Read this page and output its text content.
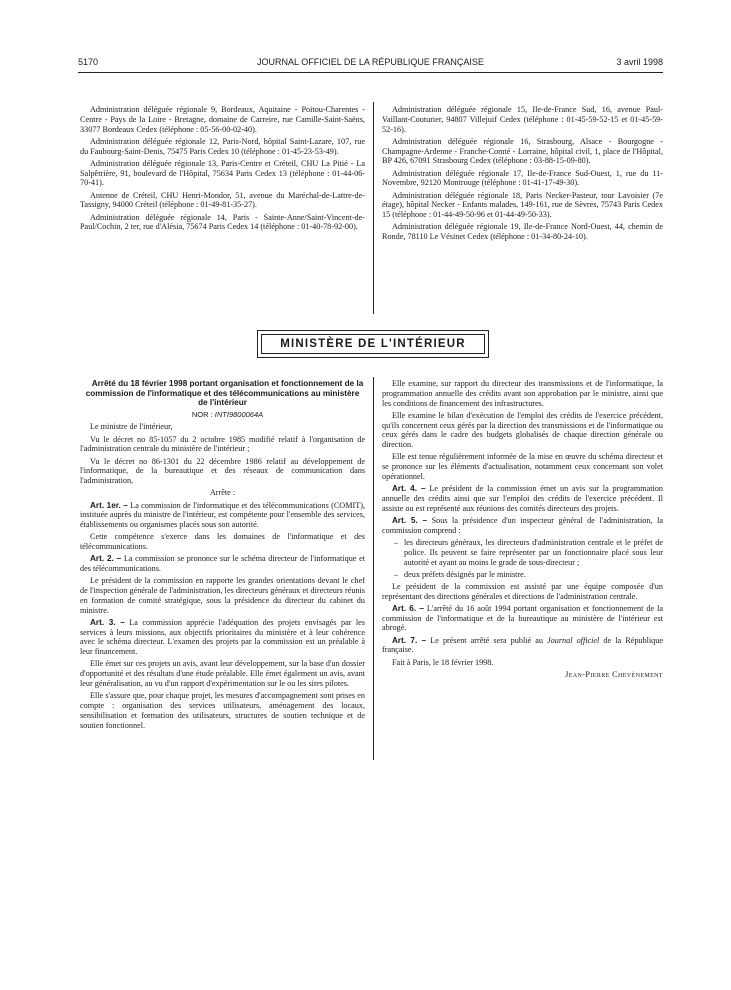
5170	JOURNAL OFFICIEL DE LA RÉPUBLIQUE FRANÇAISE	3 avril 1998

Administration déléguée régionale 9, Bordeaux, Aquitaine - Poitou-Charentes - Centre - Pays de la Loire - Bretagne, domaine de Carreire, rue Camille-Saint-Saëns, 33077 Bordeaux Cedex (téléphone : 05-56-00-02-40).

Administration déléguée régionale 12, Paris-Nord, hôpital Saint-Lazare, 107, rue du Faubourg-Saint-Denis, 75475 Paris Cedex 10 (téléphone : 01-45-23-53-49).

Administration déléguée régionale 13, Paris-Centre et Créteil, CHU La Pitié - La Salpêtrière, 91, boulevard de l'Hôpital, 75634 Paris Cedex 13 (téléphone : 01-44-06-70-41).

Antenne de Créteil, CHU Henri-Mondor, 51, avenue du Maréchal-de-Lattre-de-Tassigny, 94000 Créteil (téléphone : 01-49-81-35-27).

Administration déléguée régionale 14, Paris - Sainte-Anne/Saint-Vincent-de-Paul/Cochin, 2 ter, rue d'Alésia, 75674 Paris Cedex 14 (téléphone : 01-40-78-92-00).

Administration déléguée régionale 15, Ile-de-France Sud, 16, avenue Paul-Vaillant-Couturier, 94807 Villejuif Cedex (téléphone : 01-45-59-52-15 et 01-45-59-52-16).

Administration déléguée régionale 16, Strasbourg, Alsace - Bourgogne - Champagne-Ardenne - Franche-Comté - Lorraine, hôpital civil, 1, place de l'Hôpital, BP 426, 67091 Strasbourg Cedex (téléphone : 03-88-15-09-80).

Administration déléguée régionale 17, Ile-de-France Sud-Ouest, 1, rue du 11-Novembre, 92120 Montrouge (téléphone : 01-41-17-49-30).

Administration déléguée régionale 18, Paris Necker-Pasteur, tour Lavoisier (7e étage), hôpital Necker - Enfants malades, 149-161, rue de Sèvres, 75743 Paris Cedex 15 (téléphone : 01-44-49-50-96 et 01-44-49-50-33).

Administration déléguée régionale 19, Ile-de-France Nord-Ouest, 44, chemin de Ronde, 78110 Le Vésinet Cedex (téléphone : 01-34-80-24-10).

MINISTÈRE DE L'INTÉRIEUR

Arrêté du 18 février 1998 portant organisation et fonctionnement de la commission de l'informatique et des télécommunications au ministère de l'intérieur

NOR : INTI9800064A

Le ministre de l'intérieur,

Vu le décret no 85-1057 du 2 octobre 1985 modifié relatif à l'organisation de l'administration centrale du ministère de l'intérieur ;

Vu le décret no 86-1301 du 22 décembre 1986 relatif au développement de l'informatique, de la bureautique et des réseaux de communication dans l'administration,

Arrête :

Art. 1er. – La commission de l'informatique et des télécommunications (COMIT), instituée auprès du ministre de l'intérieur, est compétente pour l'ensemble des services, établissements ou organismes placés sous son autorité.

Cette compétence s'exerce dans les domaines de l'informatique et des télécommunications.

Art. 2. – La commission se prononce sur le schéma directeur de l'informatique et des télécommunications.

Le président de la commission en rapporte les grandes orientations devant le chef de l'inspection générale de l'administration, les directeurs généraux et directeurs réunis en formation de comité stratégique, sous la présidence du directeur du cabinet du ministre.

Art. 3. – La commission apprécie l'adéquation des projets envisagés par les services à leurs missions, aux objectifs prioritaires du ministère et à leur cohérence avec le schéma directeur. L'examen des projets par la commission est un préalable à leur financement.

Elle émet sur ces projets un avis, avant leur développement, sur la base d'un dossier d'opportunité et des résultats d'une étude préalable. Elle émet également un avis, avant leur généralisation, au vu d'un rapport d'expérimentation sur le ou les sites pilotes.

Elle s'assure que, pour chaque projet, les mesures d'accompagnement sont prises en compte : organisation des services utilisateurs, aménagement des locaux, sensibilisation et formation des utilisateurs, structures de soutien technique et de soutien fonctionnel.

Elle examine, sur rapport du directeur des transmissions et de l'informatique, la programmation annuelle des crédits avant son approbation par le ministre, ainsi que les conditions de financement des infrastructures.

Elle examine le bilan d'exécution de l'emploi des crédits de l'exercice précédent, qu'ils concernent ceux gérés par la direction des transmissions et de l'informatique ou ceux gérés dans le cadre des budgets globalisés de chaque direction générale ou direction.

Elle est tenue régulièrement informée de la mise en œuvre du schéma directeur et se prononce sur les éléments d'actualisation, notamment ceux concernant son volet opérationnel.

Art. 4. – Le président de la commission émet un avis sur la programmation annuelle des crédits ainsi que sur l'emploi des crédits de l'exercice précédent. Il assiste ou est représenté aux réunions des comités directeurs des projets.

Art. 5. – Sous la présidence d'un inspecteur général de l'administration, la commission comprend :

– les directeurs généraux, les directeurs d'administration centrale et le préfet de police. Ils peuvent se faire représenter par un fonctionnaire placé sous leur autorité et ayant au moins le grade de sous-directeur ;

– deux préfets désignés par le ministre.

Le président de la commission est assisté par une équipe composée d'un représentant des directions générales et directions de l'administration centrale.

Art. 6. – L'arrêté du 16 août 1994 portant organisation et fonctionnement de la commission de l'informatique et de la bureautique au ministère de l'intérieur est abrogé.

Art. 7. – Le présent arrêté sera publié au Journal officiel de la République française.

Fait à Paris, le 18 février 1998.

Jean-Pierre Chevènement
